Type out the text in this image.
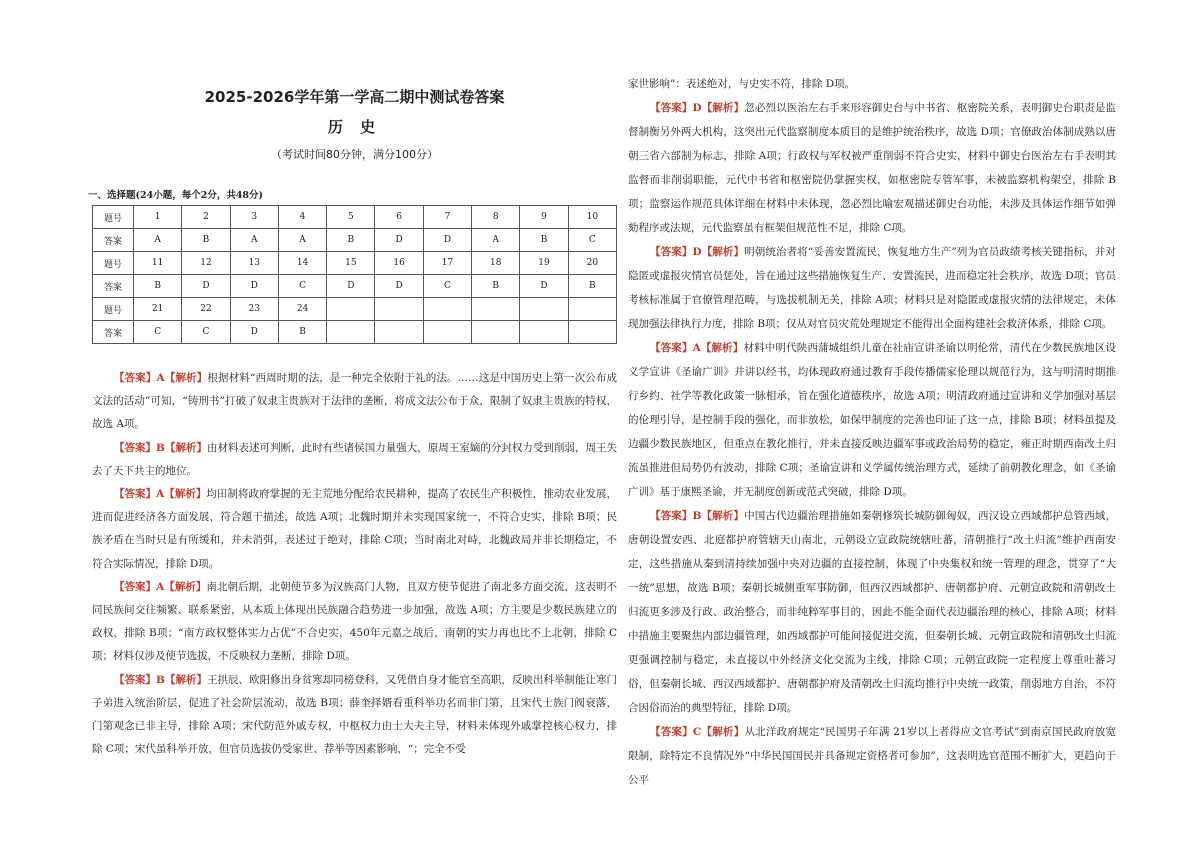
2025-2026学年第一学高二期中测试卷答案
历 史
（考试时间80分钟，满分100分）
一、选择题(24小题，每个2分，共48分)
题号	1	2	3	4	5	6	7	8	9	10
答案	A	B	A	A	B	D	D	A	B	C
题号	11	12	13	14	15	16	17	18	19	20
答案	B	D	D	C	D	D	C	B	D	B
题号	21	22	23	24						
答案	C	C	D	B						

【答案】A【解析】根据材料“西周时期的法，是一种完全依附于礼的法。……这是中国历史上第一次公布成文法的活动”可知，“铸刑书”打破了奴隶主贵族对于法律的垄断，将成文法公布于众，限制了奴隶主贵族的特权，故选 A项。

【答案】B【解析】由材料表述可判断，此时有些诸侯国力量强大，原周王室嫡的分封权力受到削弱，周王失去了天下共主的地位。

【答案】A【解析】均田制将政府掌握的无主荒地分配给农民耕种，提高了农民生产积极性，推动农业发展，进而促进经济各方面发展，符合题干描述，故选 A项；北魏时期并未实现国家统一，不符合史实，排除 B项；民族矛盾在当时只是有所缓和，并未消弭，表述过于绝对，排除 C项；当时南北对峙，北魏政局并非长期稳定，不符合实际情况，排除 D项。

【答案】A【解析】南北朝后期，北朝使节多为汉族高门人物，且双方使节促进了南北多方面交流，这表明不同民族间交往频繁、联系紧密，从本质上体现出民族融合趋势进一步加强，故选 A项；方主要是少数民族建立的政权，排除 B项；“南方政权整体实力占优”不合史实，450年元嘉之战后，南朝的实力再也比不上北朝，排除 C项；材料仅涉及使节选拔，不反映权力垄断，排除 D项。

【答案】B【解析】王拱辰、欧阳修出身贫寒却同榜登科，又凭借自身才能官至高职，反映出科举制能让寒门子弟进入统治阶层，促进了社会阶层流动，故选 B项；薛奎择婿看重科举功名而非门第，且宋代士族门阀衰落，门第观念已非主导，排除 A项；宋代防范外戚专权，中枢权力由士大夫主导，材料未体现外戚掌控核心权力，排除 C项；宋代虽科举开放，但官员选拔仍受家世、荐举等因素影响，“；完全不受

家世影响”：表述绝对，与史实不符，排除 D项。

【答案】D【解析】忽必烈以医治左右手来形容御史台与中书省、枢密院关系，表明御史台职责是监督制衡另外两大机构，这突出元代监察制度本质目的是维护统治秩序，故选 D项；官僚政治体制成熟以唐朝三省六部制为标志，排除 A项；行政权与军权被严重削弱不符合史实，材料中御史台医治左右手表明其监督而非削弱职能，元代中书省和枢密院仍掌握实权，如枢密院专管军事，未被监察机构架空，排除 B项；监察运作规范具体详细在材料中未体现，忽必烈比喻宏观描述御史台功能，未涉及具体运作细节如弹劾程序或法规，元代监察虽有框架但规范性不足，排除 C项。

【答案】D【解析】明朝统治者将“妥善安置流民，恢复地方生产”列为官员政绩考核关键指标，并对隐匿或虚报灾情官员惩处，旨在通过这些措施恢复生产、安置流民，进而稳定社会秩序，故选 D项；官员考核标准属于官僚管理范畴，与选拔机制无关，排除 A项；材料只是对隐匿或虚报灾情的法律规定，未体现加强法律执行力度，排除 B项；仅从对官员灾荒处理规定不能得出全面构建社会救济体系，排除 C项。

【答案】A【解析】材料中明代陕西蒲城组织儿童在社庙宣讲圣谕以明伦常，清代在少数民族地区设义学宣讲《圣谕广训》并讲以经书，均体现政府通过教育手段传播儒家伦理以规范行为，这与明清时期推行乡约、社学等教化政策一脉相承，旨在强化道德秩序，故选 A项；明清政府通过宣讲和义学加强对基层的伦理引导，是控制手段的强化，而非放松，如保甲制度的完善也印证了这一点，排除 B项；材料虽提及边疆少数民族地区，但重点在教化推行，并未直接反映边疆军事或政治局势的稳定，雍正时期西南改土归流虽推进但局势仍有波动，排除 C项；圣谕宣讲和义学属传统治理方式，延续了前朝教化理念，如《圣谕广训》基于康熙圣谕，并无制度创新或范式突破，排除 D项。

【答案】B【解析】中国古代边疆治理措施如秦朝修筑长城防御匈奴，西汉设立西域都护总管西域，唐朝设置安西、北庭都护府管辖天山南北，元朝设立宣政院统辖吐蕃，清朝推行“改土归流”维护西南安定，这些措施从秦到清持续加强中央对边疆的直接控制，体现了中央集权和统一管理的理念，贯穿了“大一统”思想，故选 B项；秦朝长城侧重军事防御，但西汉西域都护、唐朝都护府、元朝宣政院和清朝改土归流更多涉及行政、政治整合，而非纯粹军事目的，因此不能全面代表边疆治理的核心，排除 A项；材料中措施主要聚焦内部边疆管理，如西域都护可能间接促进交流，但秦朝长城、元朝宣政院和清朝改土归流更强调控制与稳定，未直接以中外经济文化交流为主线，排除 C项；元朝宣政院一定程度上尊重吐蕃习俗，但秦朝长城、西汉西域都护、唐朝都护府及清朝改土归流均推行中央统一政策，削弱地方自治，不符合因俗而治的典型特征，排除 D项。

【答案】C【解析】从北洋政府规定“民国男子年满 21岁以上者得应文官考试”到南京国民政府放宽限制，除特定不良情况外“中华民国国民并具备规定资格者可参加”，这表明选官范围不断扩大，更趋向于公平
